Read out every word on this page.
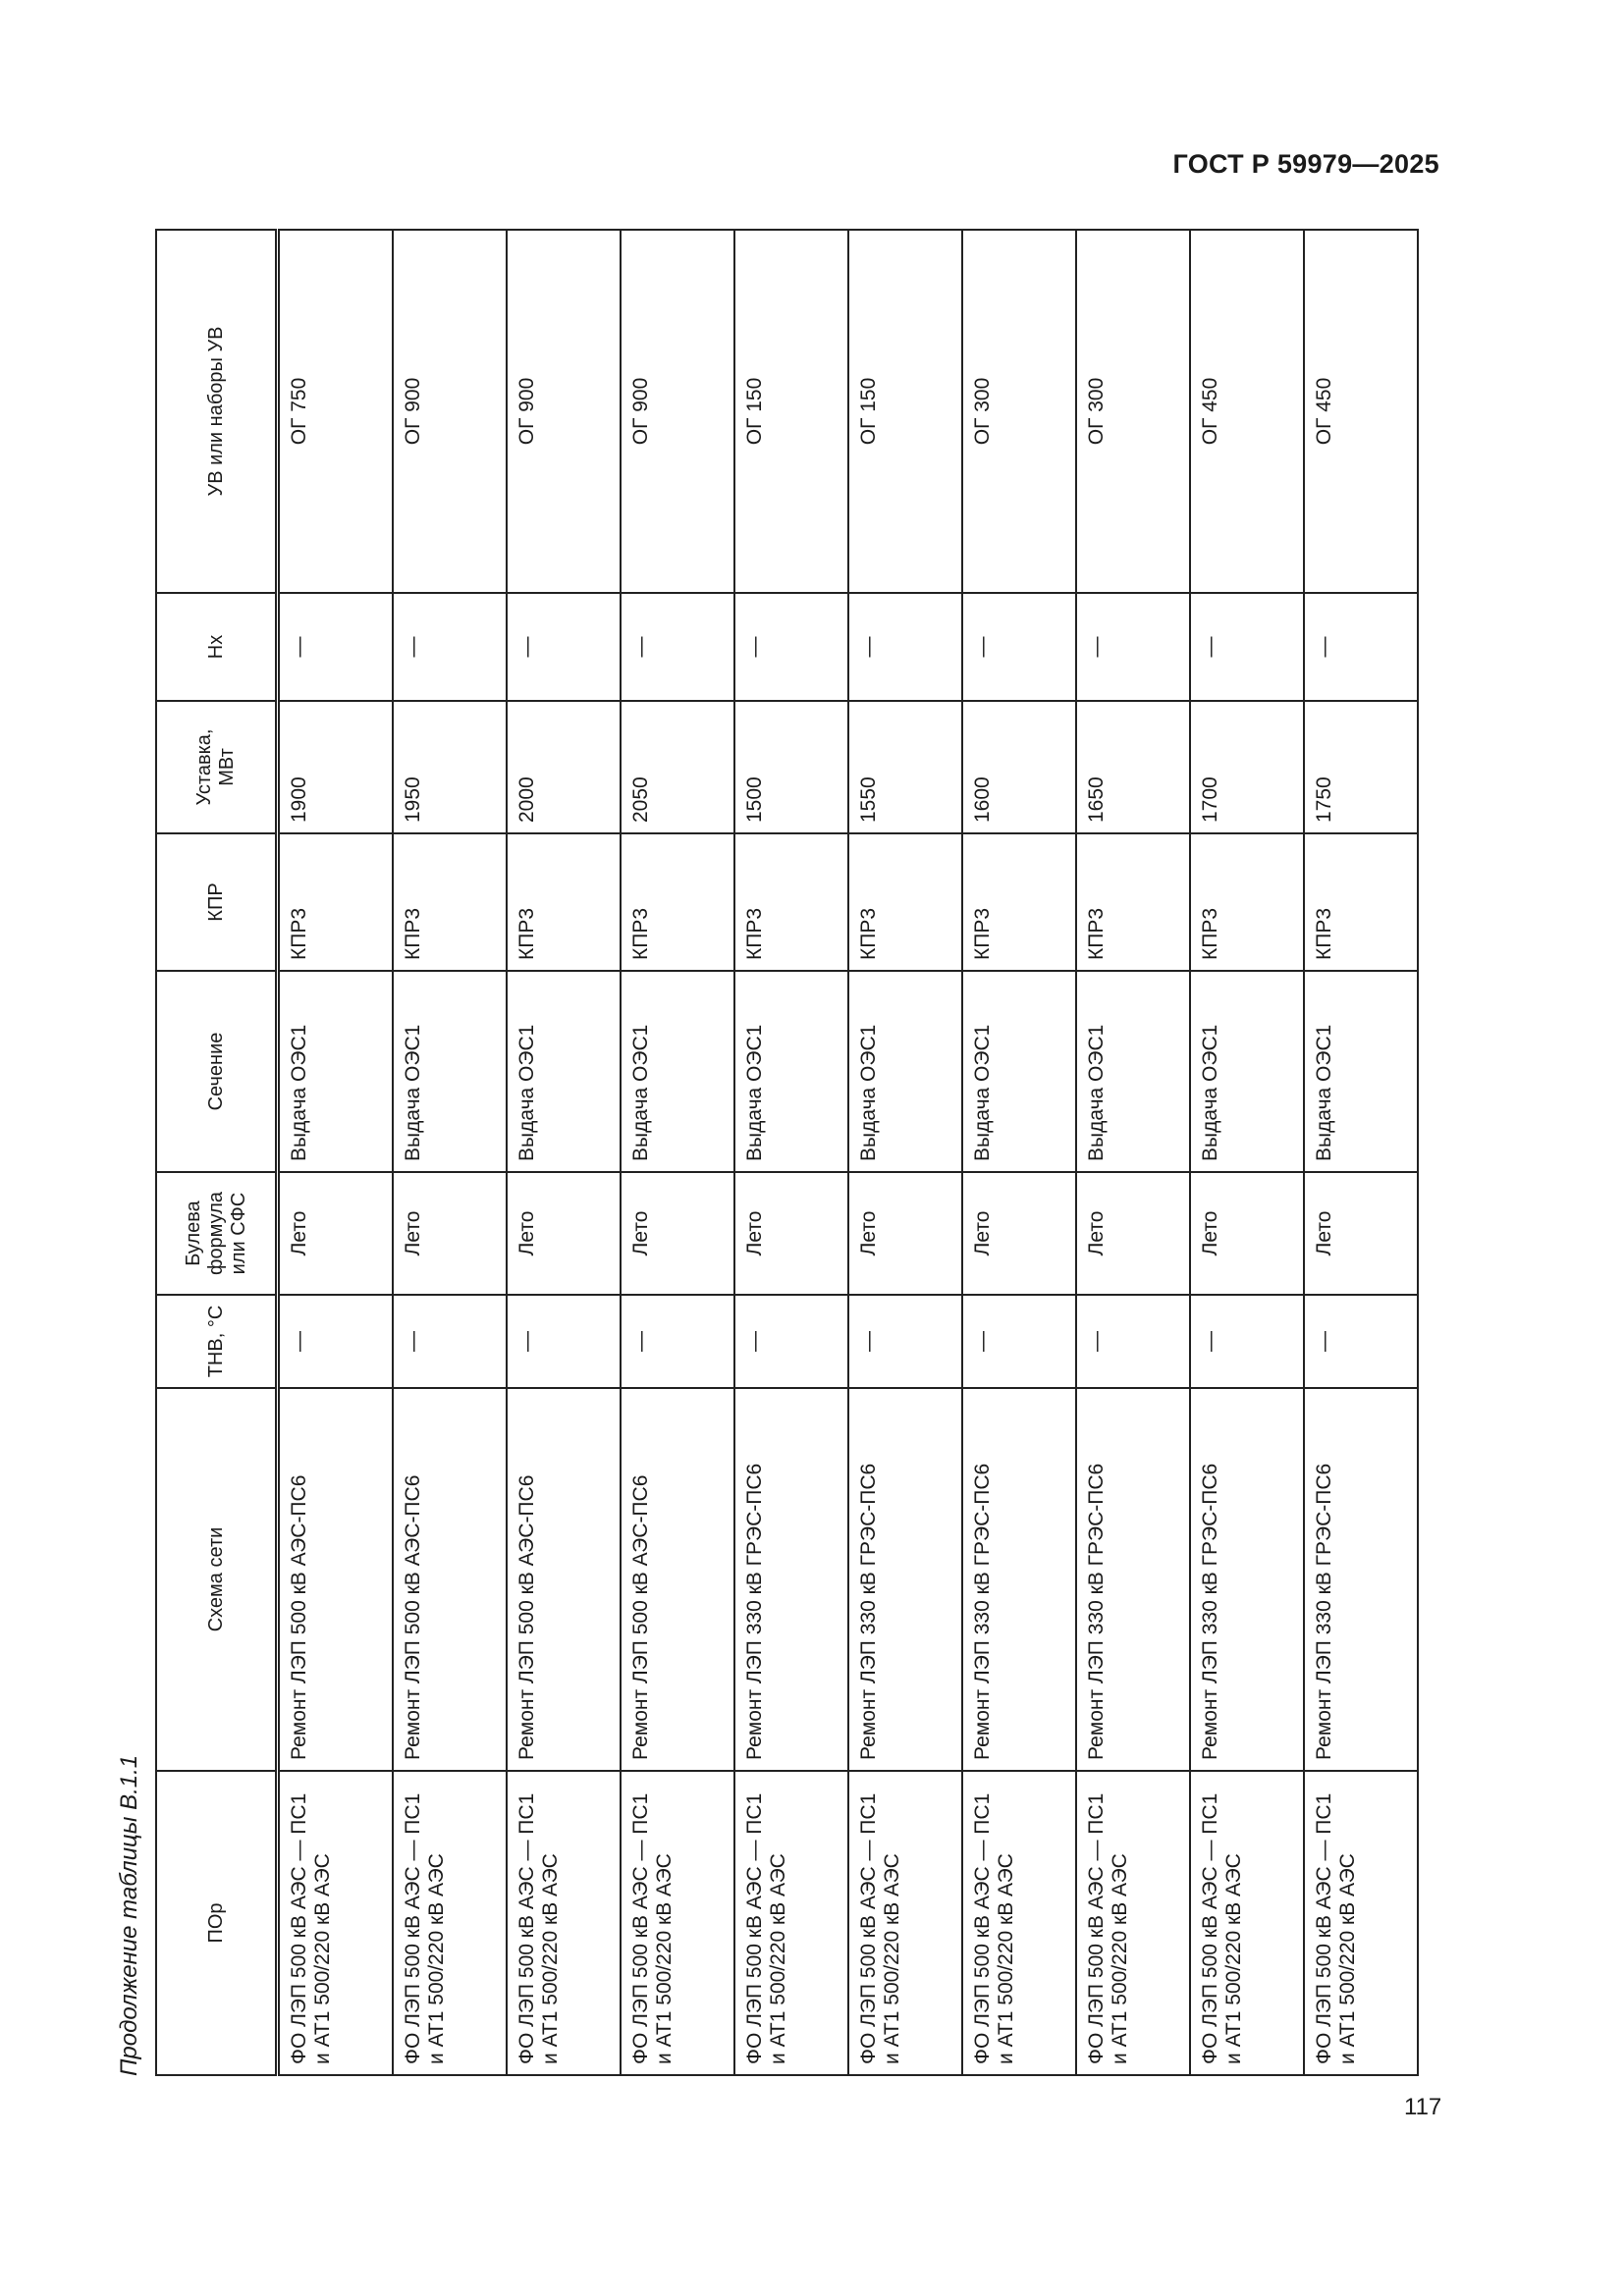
ГОСТ Р 59979—2025
Продолжение таблицы В.1.1	ПОр	Схема сети	ТНВ, °С	Булева формула или СФС	Сечение	КПР	Уставка, МВт	Нх	УВ или наборы УВ
ФО ЛЭП 500 кВ АЭС — ПС1 и АТ1 500/220 кВ АЭС	Ремонт ЛЭП 500 кВ АЭС-ПС6	—	Лето	Выдача ОЭС1	КПР3	1900	—	ОГ 750
ФО ЛЭП 500 кВ АЭС — ПС1 и АТ1 500/220 кВ АЭС	Ремонт ЛЭП 500 кВ АЭС-ПС6	—	Лето	Выдача ОЭС1	КПР3	1950	—	ОГ 900
ФО ЛЭП 500 кВ АЭС — ПС1 и АТ1 500/220 кВ АЭС	Ремонт ЛЭП 500 кВ АЭС-ПС6	—	Лето	Выдача ОЭС1	КПР3	2000	—	ОГ 900
ФО ЛЭП 500 кВ АЭС — ПС1 и АТ1 500/220 кВ АЭС	Ремонт ЛЭП 500 кВ АЭС-ПС6	—	Лето	Выдача ОЭС1	КПР3	2050	—	ОГ 900
ФО ЛЭП 500 кВ АЭС — ПС1 и АТ1 500/220 кВ АЭС	Ремонт ЛЭП 330 кВ ГРЭС-ПС6	—	Лето	Выдача ОЭС1	КПР3	1500	—	ОГ 150
ФО ЛЭП 500 кВ АЭС — ПС1 и АТ1 500/220 кВ АЭС	Ремонт ЛЭП 330 кВ ГРЭС-ПС6	—	Лето	Выдача ОЭС1	КПР3	1550	—	ОГ 150
ФО ЛЭП 500 кВ АЭС — ПС1 и АТ1 500/220 кВ АЭС	Ремонт ЛЭП 330 кВ ГРЭС-ПС6	—	Лето	Выдача ОЭС1	КПР3	1600	—	ОГ 300
ФО ЛЭП 500 кВ АЭС — ПС1 и АТ1 500/220 кВ АЭС	Ремонт ЛЭП 330 кВ ГРЭС-ПС6	—	Лето	Выдача ОЭС1	КПР3	1650	—	ОГ 300
ФО ЛЭП 500 кВ АЭС — ПС1 и АТ1 500/220 кВ АЭС	Ремонт ЛЭП 330 кВ ГРЭС-ПС6	—	Лето	Выдача ОЭС1	КПР3	1700	—	ОГ 450
ФО ЛЭП 500 кВ АЭС — ПС1 и АТ1 500/220 кВ АЭС	Ремонт ЛЭП 330 кВ ГРЭС-ПС6	—	Лето	Выдача ОЭС1	КПР3	1750	—	ОГ 450
117
